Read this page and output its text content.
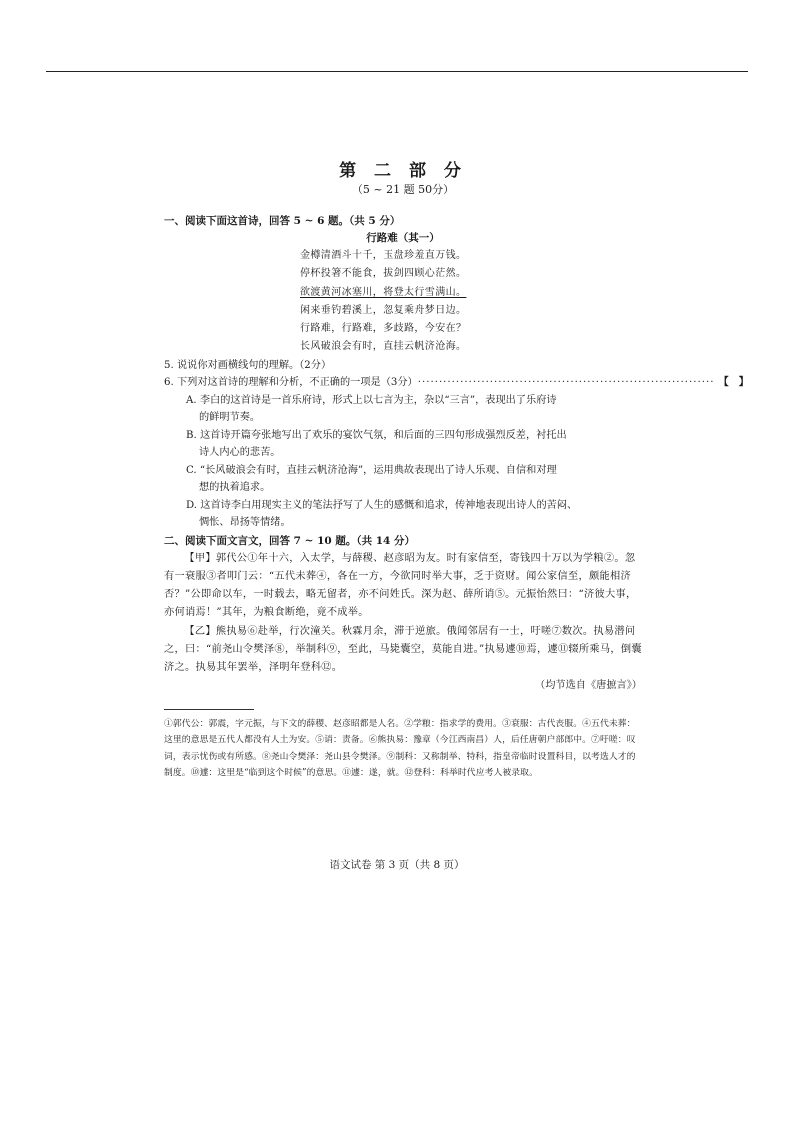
第 二 部 分

（5 ~ 21 题 50分）

一、阅读下面这首诗，回答 5 ~ 6 题。（共 5 分）

行路难（其一）

金樽清酒斗十千，玉盘珍羞直万钱。
停杯投箸不能食，拔剑四顾心茫然。
欲渡黄河冰塞川，将登太行雪满山。
闲来垂钓碧溪上，忽复乘舟梦日边。
行路难，行路难，多歧路，今安在？
长风破浪会有时，直挂云帆济沧海。

5. 说说你对画横线句的理解。（2分）

6. 下列对这首诗的理解和分析，不正确的一项是（3分） ······································································ 【　】

A. 李白的这首诗是一首乐府诗，形式上以七言为主，杂以“三言”，表现出了乐府诗
的鲜明节奏。

B. 这首诗开篇夸张地写出了欢乐的宴饮气氛，和后面的三四句形成强烈反差，衬托出
诗人内心的悲苦。

C. “长风破浪会有时，直挂云帆济沧海”，运用典故表现出了诗人乐观、自信和对理
想的执着追求。

D. 这首诗李白用现实主义的笔法抒写了人生的感慨和追求，传神地表现出诗人的苦闷、
惆怅、昂扬等情绪。

二、阅读下面文言文，回答 7 ~ 10 题。（共 14 分）

【甲】郭代公①年十六，入太学，与薛稷、赵彦昭为友。时有家信至，寄钱四十万以为学粮②。忽有一衰服③者叩门云：“五代未葬④，各在一方，今欲同时举大事，乏于资财。闻公家信至，颇能相济否？”公即命以车，一时载去，略无留者，亦不问姓氏。深为赵、薛所诮⑤。元振怡然曰：“济彼大事，亦何诮焉！”其年，为粮食断绝，竟不成举。

【乙】熊执易⑥赴举，行次潼关。秋霖月余，滞于逆旅。俄闻邻居有一士，吁嗟⑦数次。执易潜问之，曰：“前尧山令樊泽⑧，举制科⑨，至此，马毙囊空，莫能自进。”执易遽⑩焉，遽⑪辍所乘马，倒囊济之。执易其年罢举，泽明年登科⑫。

（均节选自《唐摭言》）

①郭代公：郭震，字元振，与下文的薛稷、赵彦昭都是人名。②学粮：指求学的费用。③衰服：古代丧服。④五代未葬：这里的意思是五代人都没有人土为安。⑤诮：责备。⑥熊执易：豫章（今江西南昌）人，后任唐朝户部郎中。⑦吁嗟：叹词，表示忧伤或有所感。⑧尧山令樊泽：尧山县令樊泽。⑨制科：又称制举、特科，指皇帝临时设置科目，以考选人才的制度。⑩遽：这里是“临到这个时候”的意思。⑪遽：遂，就。⑫登科：科举时代应考人被录取。

语文试卷 第 3 页（共 8 页）
